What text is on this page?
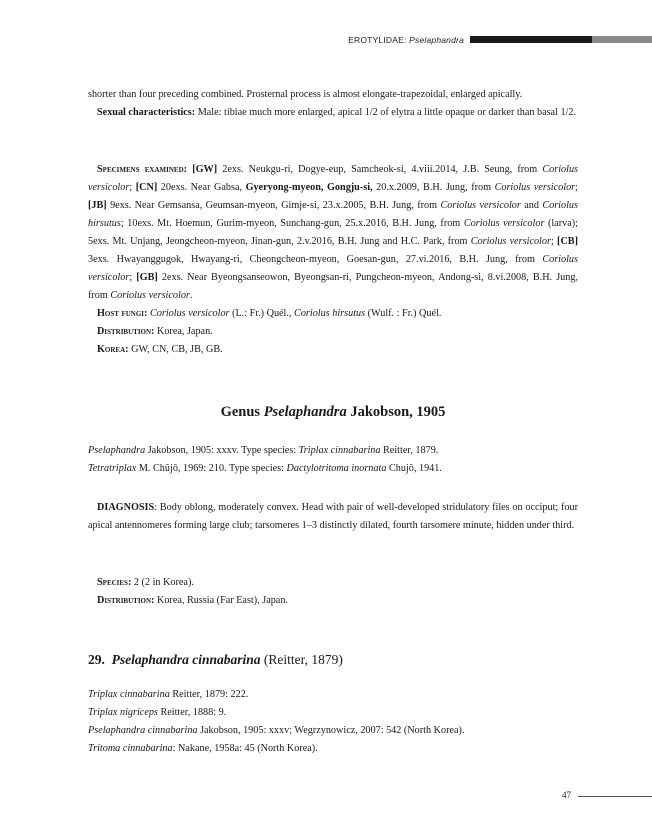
EROTYLIDAE: Pselaphandra

shorter than four preceding combined. Prosternal process is almost elongate-trapezoidal, enlarged apically.

Sexual characteristics: Male: tibiae much more enlarged, apical 1/2 of elytra a little opaque or darker than basal 1/2.

Specimens examined: [GW] 2exs. Neukgu-ri, Dogye-eup, Samcheok-si, 4.viii.2014, J.B. Seung, from Coriolus versicolor; [CN] 20exs. Near Gabsa, Gyeryong-myeon, Gongju-si, 20.x.2009, B.H. Jung, from Coriolus versicolor; [JB] 9exs. Near Gemsansa, Geumsan-myeon, Gimje-si, 23.x.2005, B.H. Jung, from Coriolus versicolor and Coriolus hirsutus; 10exs. Mt. Hoemun, Gurim-myeon, Sunchang-gun, 25.x.2016, B.H. Jung, from Coriolus versicolor (larva); 5exs. Mt. Unjang, Jeongcheon-myeon, Jinan-gun, 2.v.2016, B.H. Jung and H.C. Park, from Coriolus versicolor; [CB] 3exs. Hwayanggugok, Hwayang-ri, Cheongcheon-myeon, Goesan-gun, 27.vi.2016, B.H. Jung, from Coriolus versicolor; [GB] 2exs. Near Byeongsanseowon, Byeongsan-ri, Pungcheon-myeon, Andong-si, 8.vi.2008, B.H. Jung, from Coriolus versicolor.

Host fungi: Coriolus versicolor (L.: Fr.) Quél., Coriolus hirsutus (Wulf. : Fr.) Quél.

Distribution: Korea, Japan.

Korea: GW, CN, CB, JB, GB.

Genus Pselaphandra Jakobson, 1905

Pselaphandra Jakobson, 1905: xxxv. Type species: Triplax cinnabarina Reitter, 1879.

Tetratriplax M. Chûjô, 1969: 210. Type species: Dactylotritoma inornata Chujô, 1941.

DIAGNOSIS: Body oblong, moderately convex. Head with pair of well-developed stridulatory files on occiput; four apical antennomeres forming large club; tarsomeres 1–3 distinctly dilated, fourth tarsomere minute, hidden under third.

Species: 2 (2 in Korea).

Distribution: Korea, Russia (Far East), Japan.

29. Pselaphandra cinnabarina (Reitter, 1879)

Triplax cinnabarina Reitter, 1879: 222.

Triplax nigriceps Reitter, 1888: 9.

Pselaphandra cinnabarina Jakobson, 1905: xxxv; Wegrzynowicz, 2007: 542 (North Korea).

Tritoma cinnabarina: Nakane, 1958a: 45 (North Korea).

47
